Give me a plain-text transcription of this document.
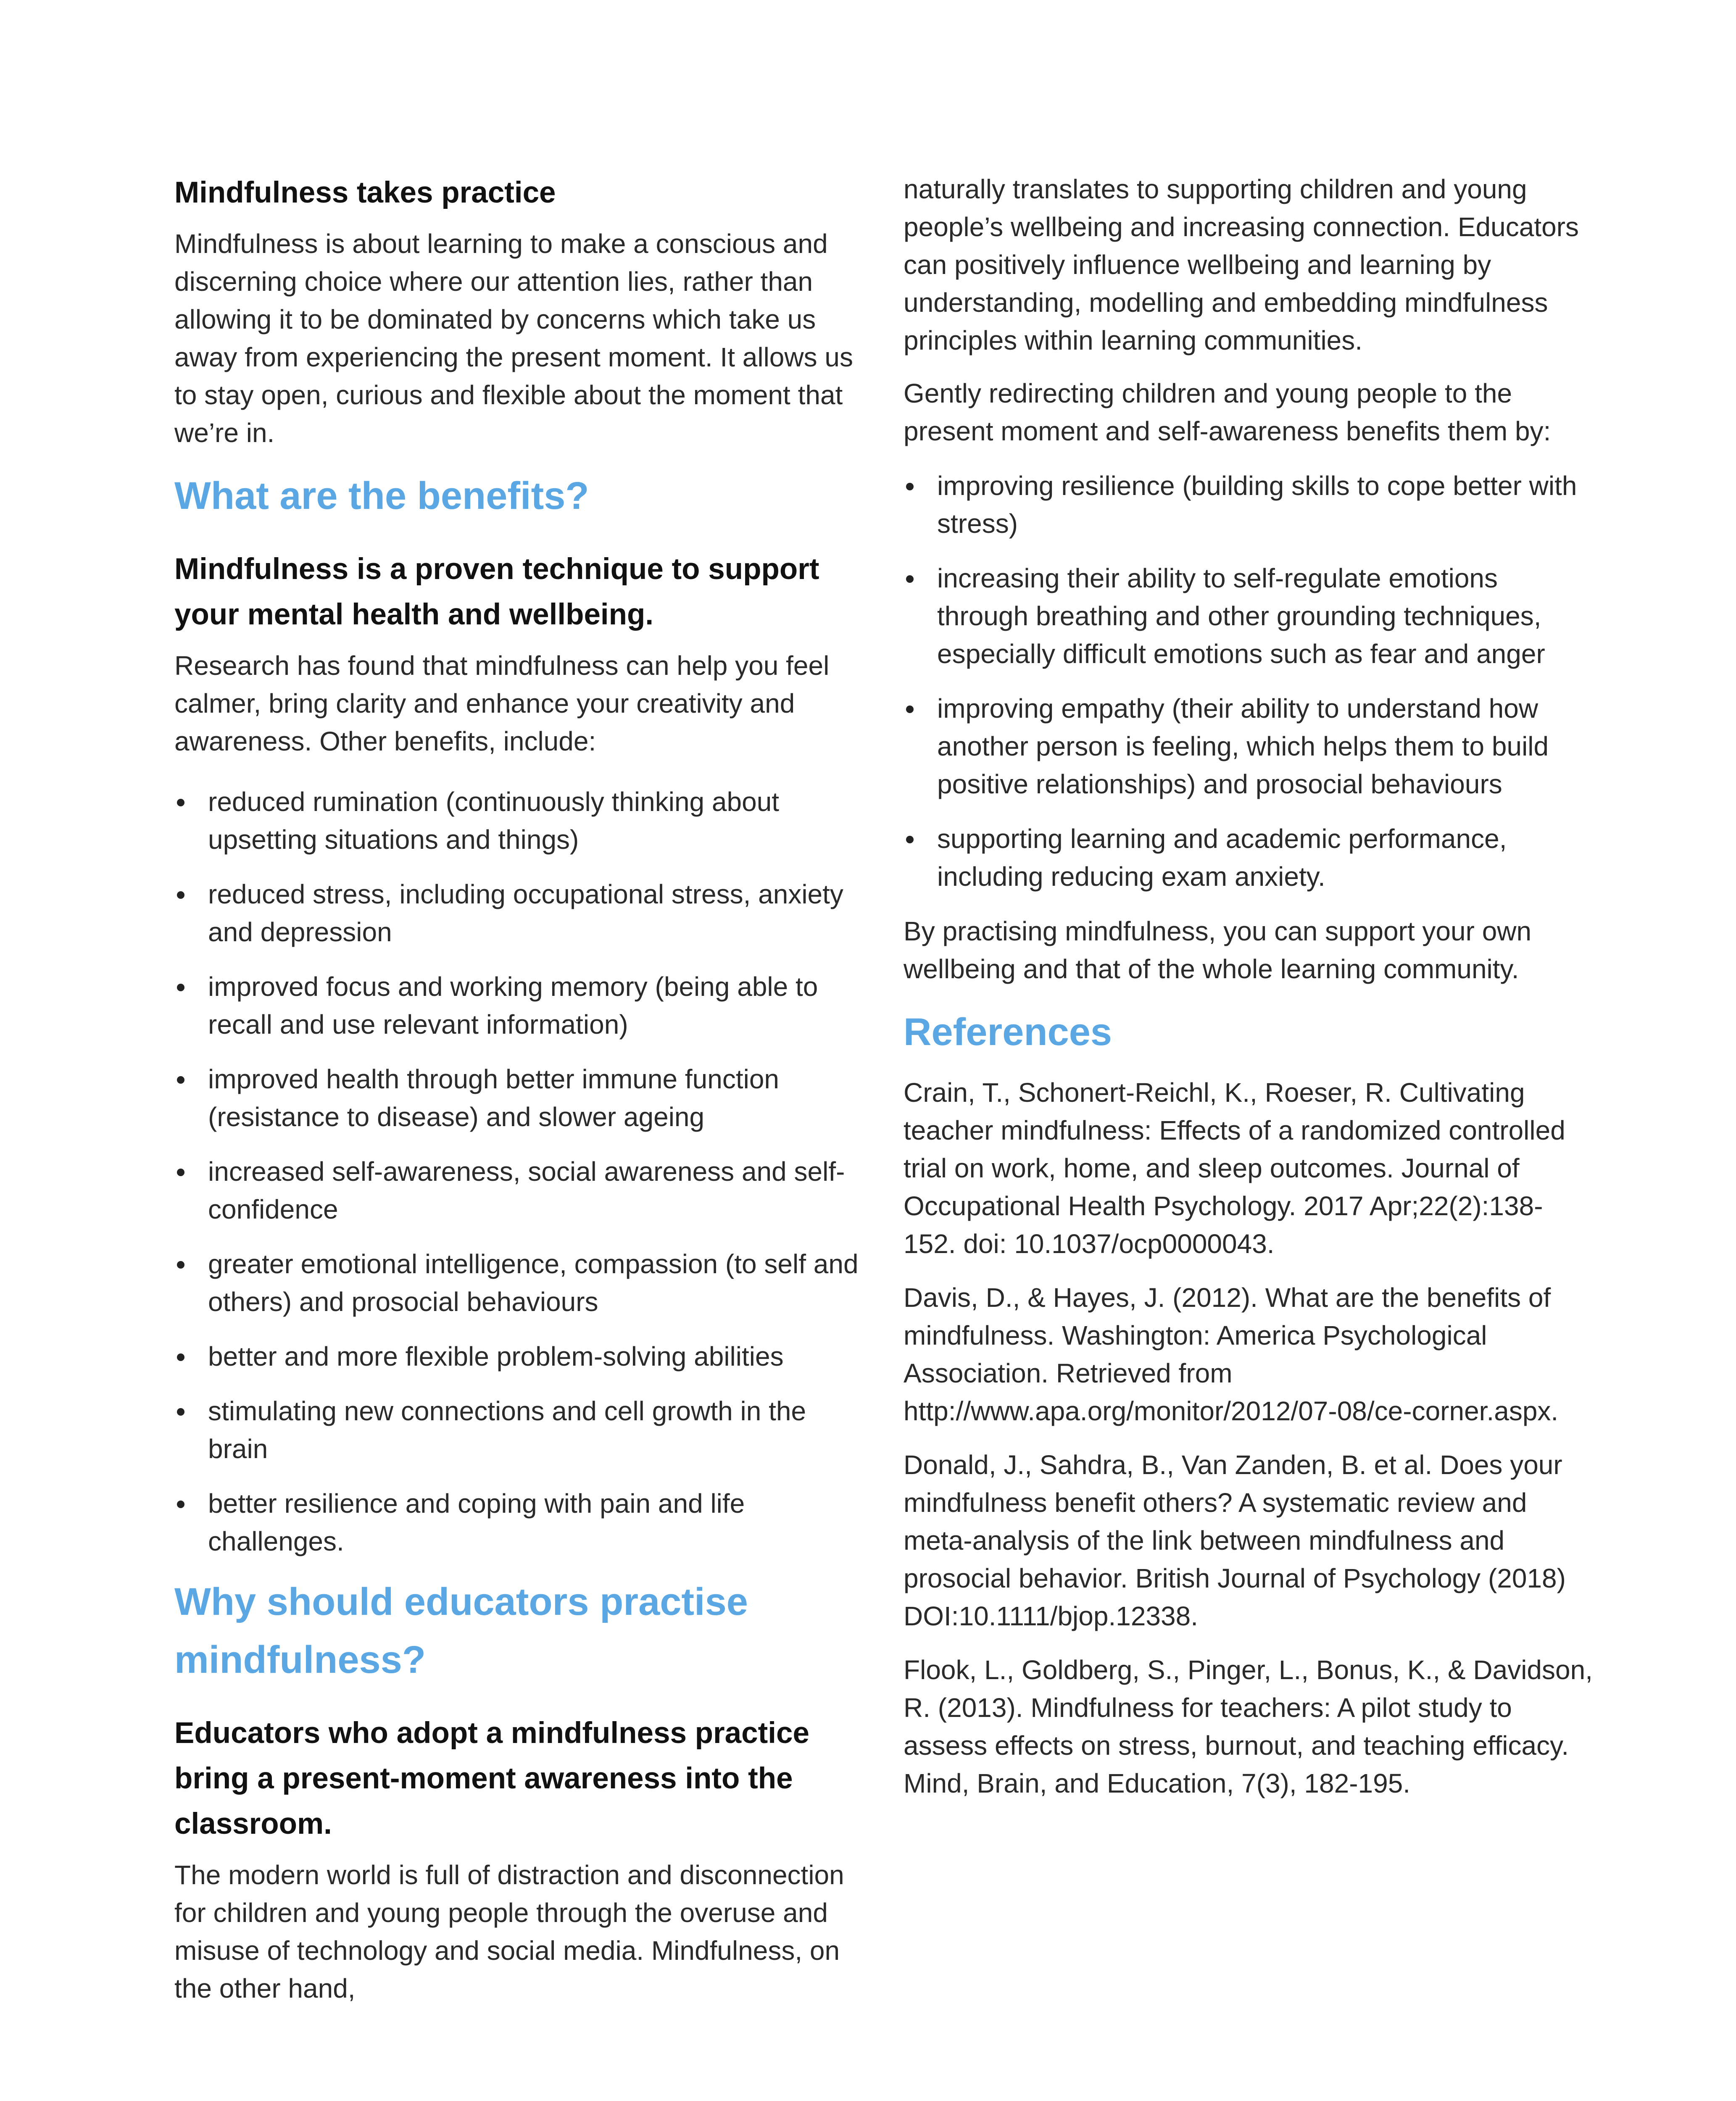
Mindfulness takes practice

Mindfulness is about learning to make a conscious and discerning choice where our attention lies, rather than allowing it to be dominated by concerns which take us away from experiencing the present moment. It allows us to stay open, curious and flexible about the moment that we’re in.

What are the benefits?
Mindfulness is a proven technique to support your mental health and wellbeing.

Research has found that mindfulness can help you feel calmer, bring clarity and enhance your creativity and awareness. Other benefits, include:

reduced rumination (continuously thinking about upsetting situations and things)
reduced stress, including occupational stress, anxiety and depression
improved focus and working memory (being able to recall and use relevant information)
improved health through better immune function (resistance to disease) and slower ageing
increased self-awareness, social awareness and self-confidence
greater emotional intelligence, compassion (to self and others) and prosocial behaviours
better and more flexible problem-solving abilities
stimulating new connections and cell growth in the brain
better resilience and coping with pain and life challenges.
Why should educators practise mindfulness?
Educators who adopt a mindfulness practice bring a present-moment awareness into the classroom.

The modern world is full of distraction and disconnection for children and young people through the overuse and misuse of technology and social media. Mindfulness, on the other hand,

naturally translates to supporting children and young people’s wellbeing and increasing connection. Educators can positively influence wellbeing and learning by understanding, modelling and embedding mindfulness principles within learning communities.

Gently redirecting children and young people to the present moment and self-awareness benefits them by:

improving resilience (building skills to cope better with stress)
increasing their ability to self-regulate emotions through breathing and other grounding techniques, especially difficult emotions such as fear and anger
improving empathy (their ability to understand how another person is feeling, which helps them to build positive relationships) and prosocial behaviours
supporting learning and academic performance, including reducing exam anxiety.

By practising mindfulness, you can support your own wellbeing and that of the whole learning community.

References

Crain, T., Schonert-Reichl, K., Roeser, R. Cultivating teacher mindfulness: Effects of a randomized controlled trial on work, home, and sleep outcomes. Journal of Occupational Health Psychology. 2017 Apr;22(2):138-152. doi: 10.1037/ocp0000043.

Davis, D., & Hayes, J. (2012). What are the benefits of mindfulness. Washington: America Psychological Association. Retrieved from http://www.apa.org/monitor/2012/07-08/ce-corner.aspx.

Donald, J., Sahdra, B., Van Zanden, B. et al. Does your mindfulness benefit others? A systematic review and meta-analysis of the link between mindfulness and prosocial behavior. British Journal of Psychology (2018) DOI:10.1111/bjop.12338.

Flook, L., Goldberg, S., Pinger, L., Bonus, K., & Davidson, R. (2013). Mindfulness for teachers: A pilot study to assess effects on stress, burnout, and teaching efficacy. Mind, Brain, and Education, 7(3), 182-195.
